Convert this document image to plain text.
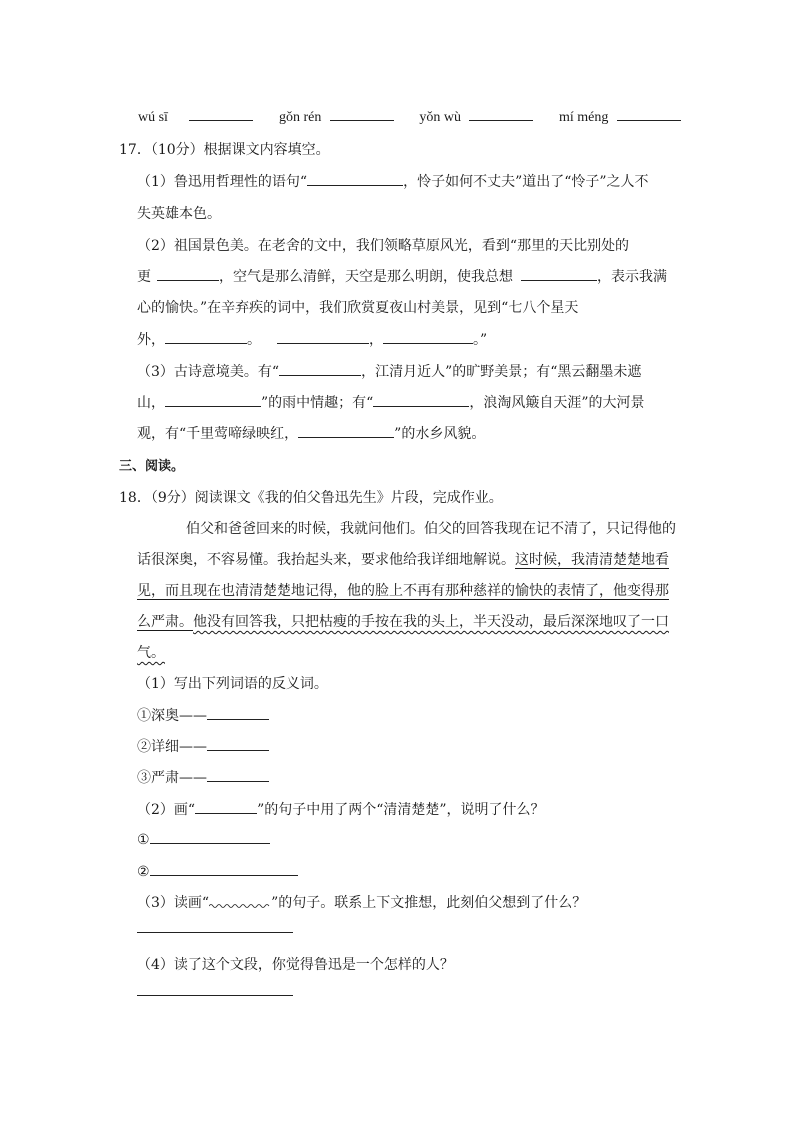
wú sī	gǒn rén	yǒn wù	mí méng
17．（10分）根据课文内容填空。
（1）鲁迅用哲理性的语句“	，怜子如何不丈夫”道出了“怜子”之人不
失英雄本色。
（2）祖国景色美。在老舍的文中，我们领略草原风光，看到“那里的天比别处的
更	，空气是那么清鲜，天空是那么明朗，使我总想	，表示我满
心的愉快。”在辛弃疾的词中，我们欣赏夏夜山村美景，见到“七八个星天
外，	。	，	。”
（3）古诗意境美。有“	，江清月近人”的旷野美景；有“黑云翻墨未遮
山，	”的雨中情趣；有“	，浪淘风簸自天涯”的大河景
观，有“千里莺啼绿映红，	”的水乡风貌。
三、阅读。
18．（9分）阅读课文《我的伯父鲁迅先生》片段，完成作业。
伯父和爸爸回来的时候，我就问他们。伯父的回答我现在记不清了，只记得他的
话很深奥，不容易懂。我抬起头来，要求他给我详细地解说。这时候，我清清楚楚地看
见，而且现在也清清楚楚地记得，他的脸上不再有那种慈祥的愉快的表情了，他变得那
么严肃。他没有回答我，只把枯瘦的手按在我的头上，半天没动，最后深深地叹了一口
气。
（1）写出下列词语的反义词。
①深奥——
②详细——
③严肃——
（2）画“	”的句子中用了两个“清清楚楚”，说明了什么？
①
②
（3）读画“	”的句子。联系上下文推想，此刻伯父想到了什么？
（4）读了这个文段，你觉得鲁迅是一个怎样的人？
